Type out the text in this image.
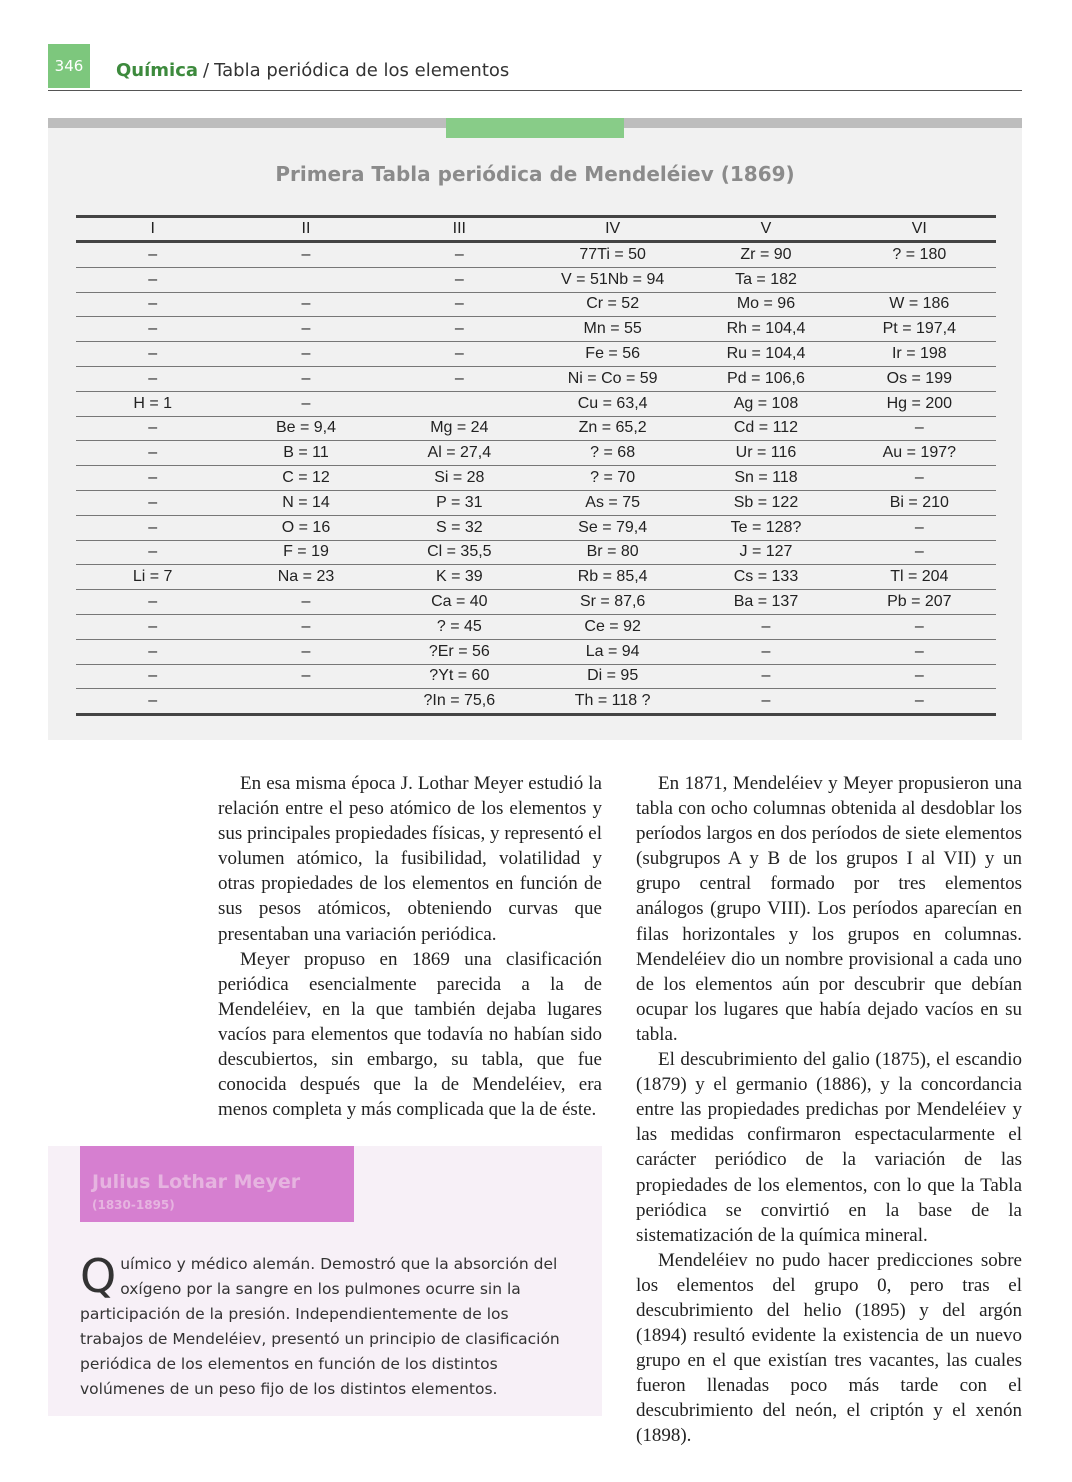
346	Química / Tabla periódica de los elementos
Primera Tabla periódica de Mendeléiev (1869)
I	II	III	IV	V	VI
–	–	–	77Ti = 50	Zr = 90	? = 180
–		–	V = 51Nb = 94	Ta = 182	
–	–	–	Cr = 52	Mo = 96	W = 186
–	–	–	Mn = 55	Rh = 104,4	Pt = 197,4
–	–	–	Fe = 56	Ru = 104,4	Ir = 198
–	–	–	Ni = Co = 59	Pd = 106,6	Os = 199
H = 1	–		Cu = 63,4	Ag = 108	Hg = 200
–	Be = 9,4	Mg = 24	Zn = 65,2	Cd = 112	–
–	B = 11	Al = 27,4	? = 68	Ur = 116	Au = 197?
–	C = 12	Si = 28	? = 70	Sn = 118	–
–	N = 14	P = 31	As = 75	Sb = 122	Bi = 210
–	O = 16	S = 32	Se = 79,4	Te = 128?	–
–	F = 19	Cl = 35,5	Br = 80	J = 127	–
Li = 7	Na = 23	K = 39	Rb = 85,4	Cs = 133	Tl = 204
–	–	Ca = 40	Sr = 87,6	Ba = 137	Pb = 207
–	–	? = 45	Ce = 92	–	–
–	–	?Er = 56	La = 94	–	–
–	–	?Yt = 60	Di = 95	–	–
–		?In = 75,6	Th = 118 ?	–	–

En esa misma época J. Lothar Meyer estudió la relación entre el peso atómico de los elementos y sus principales propiedades físicas, y representó el volumen atómico, la fusibilidad, volatilidad y otras propiedades de los elementos en función de sus pesos atómicos, obteniendo curvas que presentaban una variación periódica.

Meyer propuso en 1869 una clasificación periódica esencialmente parecida a la de Mendeléiev, en la que también dejaba lugares vacíos para elementos que todavía no habían sido descubiertos, sin embargo, su tabla, que fue conocida después que la de Mendeléiev, era menos completa y más complicada que la de éste.

En 1871, Mendeléiev y Meyer propusieron una tabla con ocho columnas obtenida al desdoblar los períodos largos en dos períodos de siete elementos (subgrupos A y B de los grupos I al VII) y un grupo central formado por tres elementos análogos (grupo VIII). Los períodos aparecían en filas horizontales y los grupos en columnas. Mendeléiev dio un nombre provisional a cada uno de los elementos aún por descubrir que debían ocupar los lugares que había dejado vacíos en su tabla.

El descubrimiento del galio (1875), el escandio (1879) y el germanio (1886), y la concordancia entre las propiedades predichas por Mendeléiev y las medidas confirmaron espectacularmente el carácter periódico de la variación de las propiedades de los elementos, con lo que la Tabla periódica se convirtió en la base de la sistematización de la química mineral.

Mendeléiev no pudo hacer predicciones sobre los elementos del grupo 0, pero tras el descubrimiento del helio (1895) y del argón (1894) resultó evidente la existencia de un nuevo grupo en el que existían tres vacantes, las cuales fueron llenadas poco más tarde con el descubrimiento del neón, el criptón y el xenón (1898).

Julius Lothar Meyer
(1830-1895)
Químico y médico alemán. Demostró que la absorción del oxígeno por la sangre en los pulmones ocurre sin la participación de la presión. Independientemente de los trabajos de Mendeléiev, presentó un principio de clasificación periódica de los elementos en función de los distintos volúmenes de un peso fijo de los distintos elementos.
